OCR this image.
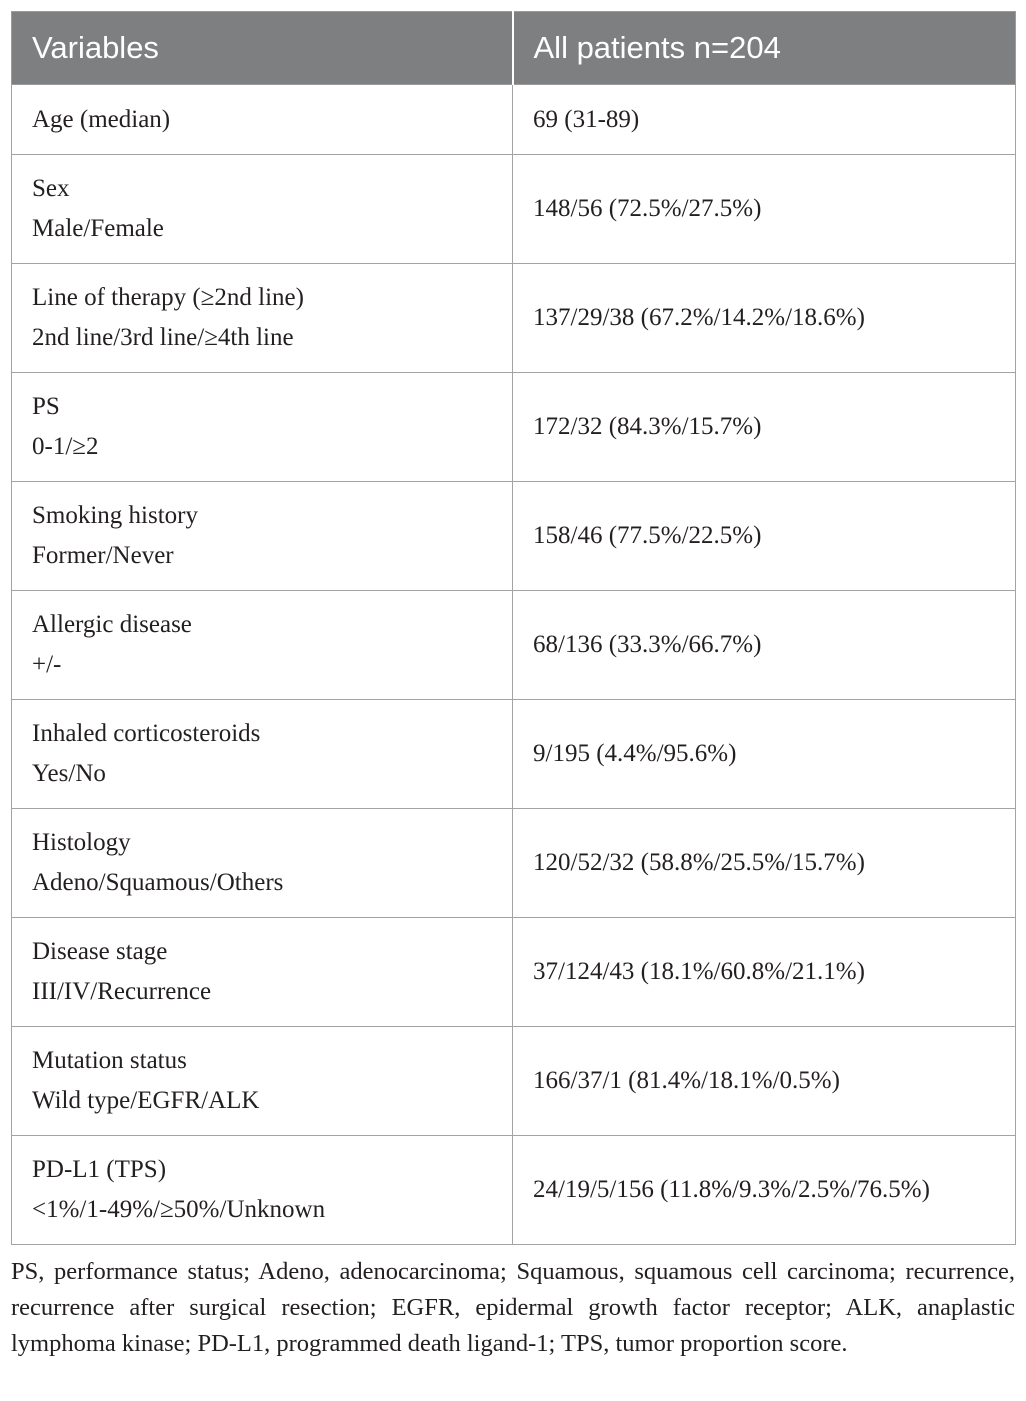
Variables	All patients n=204

Age (median)	69 (31-89)

Sex
Male/Female	148/56 (72.5%/27.5%)

Line of therapy (≥2nd line)
2nd line/3rd line/≥4th line	137/29/38 (67.2%/14.2%/18.6%)

PS
0-1/≥2	172/32 (84.3%/15.7%)

Smoking history
Former/Never	158/46 (77.5%/22.5%)

Allergic disease
+/-	68/136 (33.3%/66.7%)

Inhaled corticosteroids
Yes/No	9/195 (4.4%/95.6%)

Histology
Adeno/Squamous/Others	120/52/32 (58.8%/25.5%/15.7%)

Disease stage
III/IV/Recurrence	37/124/43 (18.1%/60.8%/21.1%)

Mutation status
Wild type/EGFR/ALK	166/37/1 (81.4%/18.1%/0.5%)

PD-L1 (TPS)
<1%/1-49%/≥50%/Unknown	24/19/5/156 (11.8%/9.3%/2.5%/76.5%)
PS, performance status; Adeno, adenocarcinoma; Squamous, squamous cell carcinoma; recurrence, recurrence after surgical resection; EGFR, epidermal growth factor receptor; ALK, anaplastic lymphoma kinase; PD-L1, programmed death ligand-1; TPS, tumor proportion score.
